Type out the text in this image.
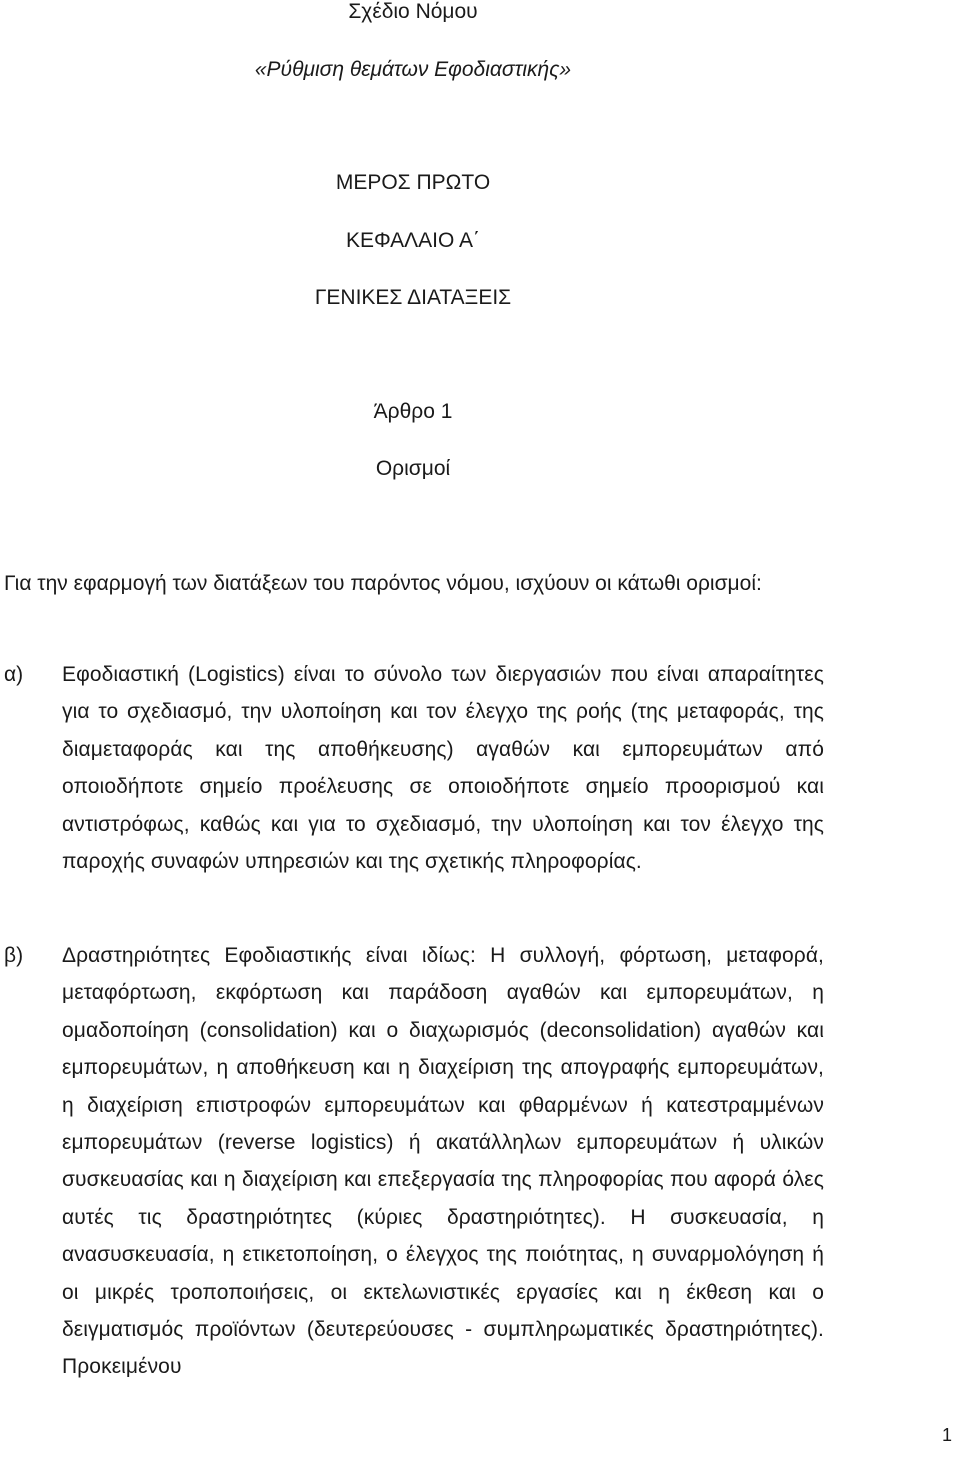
Σχέδιο Νόμου
«Ρύθμιση θεμάτων Εφοδιαστικής»
ΜΕΡΟΣ ΠΡΩΤΟ
ΚΕΦΑΛΑΙΟ Α΄
ΓΕΝΙΚΕΣ ΔΙΑΤΑΞΕΙΣ
Άρθρο 1
Ορισμοί
Για την εφαρμογή των διατάξεων του παρόντος νόμου, ισχύουν οι κάτωθι ορισμοί:
α) Εφοδιαστική (Logistics) είναι το σύνολο των διεργασιών που είναι απαραίτητες για το σχεδιασμό, την υλοποίηση και τον έλεγχο της ροής (της μεταφοράς, της διαμεταφοράς και της αποθήκευσης) αγαθών και εμπορευμάτων από οποιοδήποτε σημείο προέλευσης σε οποιοδήποτε σημείο προορισμού και αντιστρόφως, καθώς και για το σχεδιασμό, την υλοποίηση και τον έλεγχο της παροχής συναφών υπηρεσιών και της σχετικής πληροφορίας.
β) Δραστηριότητες Εφοδιαστικής είναι ιδίως: Η συλλογή, φόρτωση, μεταφορά, μεταφόρτωση, εκφόρτωση και παράδοση αγαθών και εμπορευμάτων, η ομαδοποίηση (consolidation) και ο διαχωρισμός (deconsolidation) αγαθών και εμπορευμάτων, η αποθήκευση και η διαχείριση της απογραφής εμπορευμάτων, η διαχείριση επιστροφών εμπορευμάτων και φθαρμένων ή κατεστραμμένων εμπορευμάτων (reverse logistics) ή ακατάλληλων εμπορευμάτων ή υλικών συσκευασίας και η διαχείριση και επεξεργασία της πληροφορίας που αφορά όλες αυτές τις δραστηριότητες (κύριες δραστηριότητες). Η συσκευασία, η ανασυσκευασία, η ετικετοποίηση, ο έλεγχος της ποιότητας, η συναρμολόγηση ή οι μικρές τροποποιήσεις, οι εκτελωνιστικές εργασίες και η έκθεση και ο δειγματισμός προϊόντων (δευτερεύουσες - συμπληρωματικές δραστηριότητες). Προκειμένου
1
